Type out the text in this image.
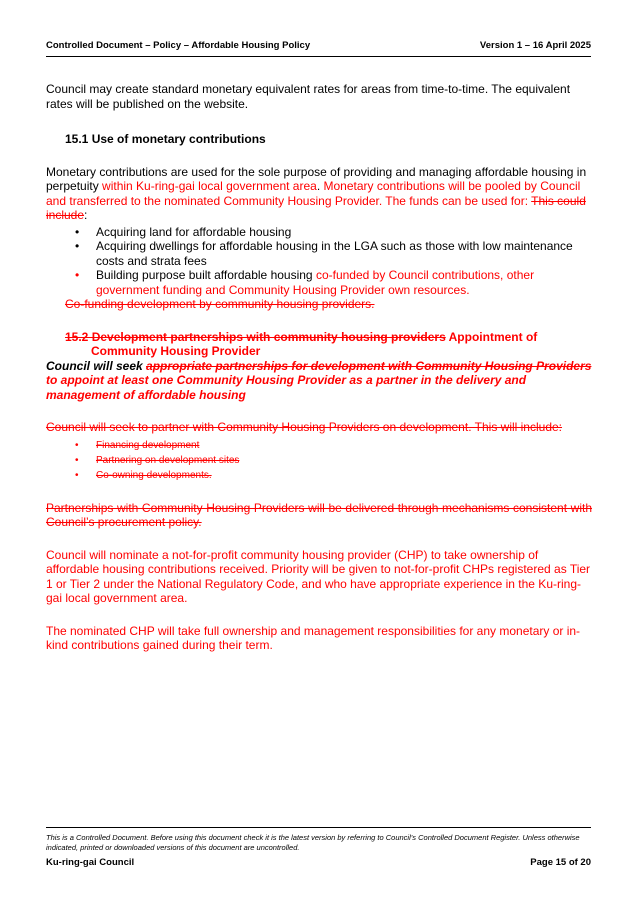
Controlled Document – Policy – Affordable Housing Policy	Version 1 – 16 April 2025

Council may create standard monetary equivalent rates for areas from time-to-time. The equivalent rates will be published on the website.

15.1 Use of monetary contributions

Monetary contributions are used for the sole purpose of providing and managing affordable housing in perpetuity within Ku-ring-gai local government area. Monetary contributions will be pooled by Council and transferred to the nominated Community Housing Provider. The funds can be used for: This could include:

• Acquiring land for affordable housing
• Acquiring dwellings for affordable housing in the LGA such as those with low maintenance costs and strata fees
• Building purpose built affordable housing co-funded by Council contributions, other government funding and Community Housing Provider own resources.

Co-funding development by community housing providers.

15.2 Development partnerships with community housing providers Appointment of Community Housing Provider

Council will seek appropriate partnerships for development with Community Housing Providers to appoint at least one Community Housing Provider as a partner in the delivery and management of affordable housing

Council will seek to partner with Community Housing Providers on development. This will include:

• Financing development
• Partnering on development sites
• Co-owning developments.

Partnerships with Community Housing Providers will be delivered through mechanisms consistent with Council’s procurement policy.

Council will nominate a not-for-profit community housing provider (CHP) to take ownership of affordable housing contributions received. Priority will be given to not-for-profit CHPs registered as Tier 1 or Tier 2 under the National Regulatory Code, and who have appropriate experience in the Ku-ring-gai local government area.

The nominated CHP will take full ownership and management responsibilities for any monetary or in-kind contributions gained during their term.

This is a Controlled Document. Before using this document check it is the latest version by referring to Council’s Controlled Document Register. Unless otherwise indicated, printed or downloaded versions of this document are uncontrolled.
Ku-ring-gai Council	Page 15 of 20
